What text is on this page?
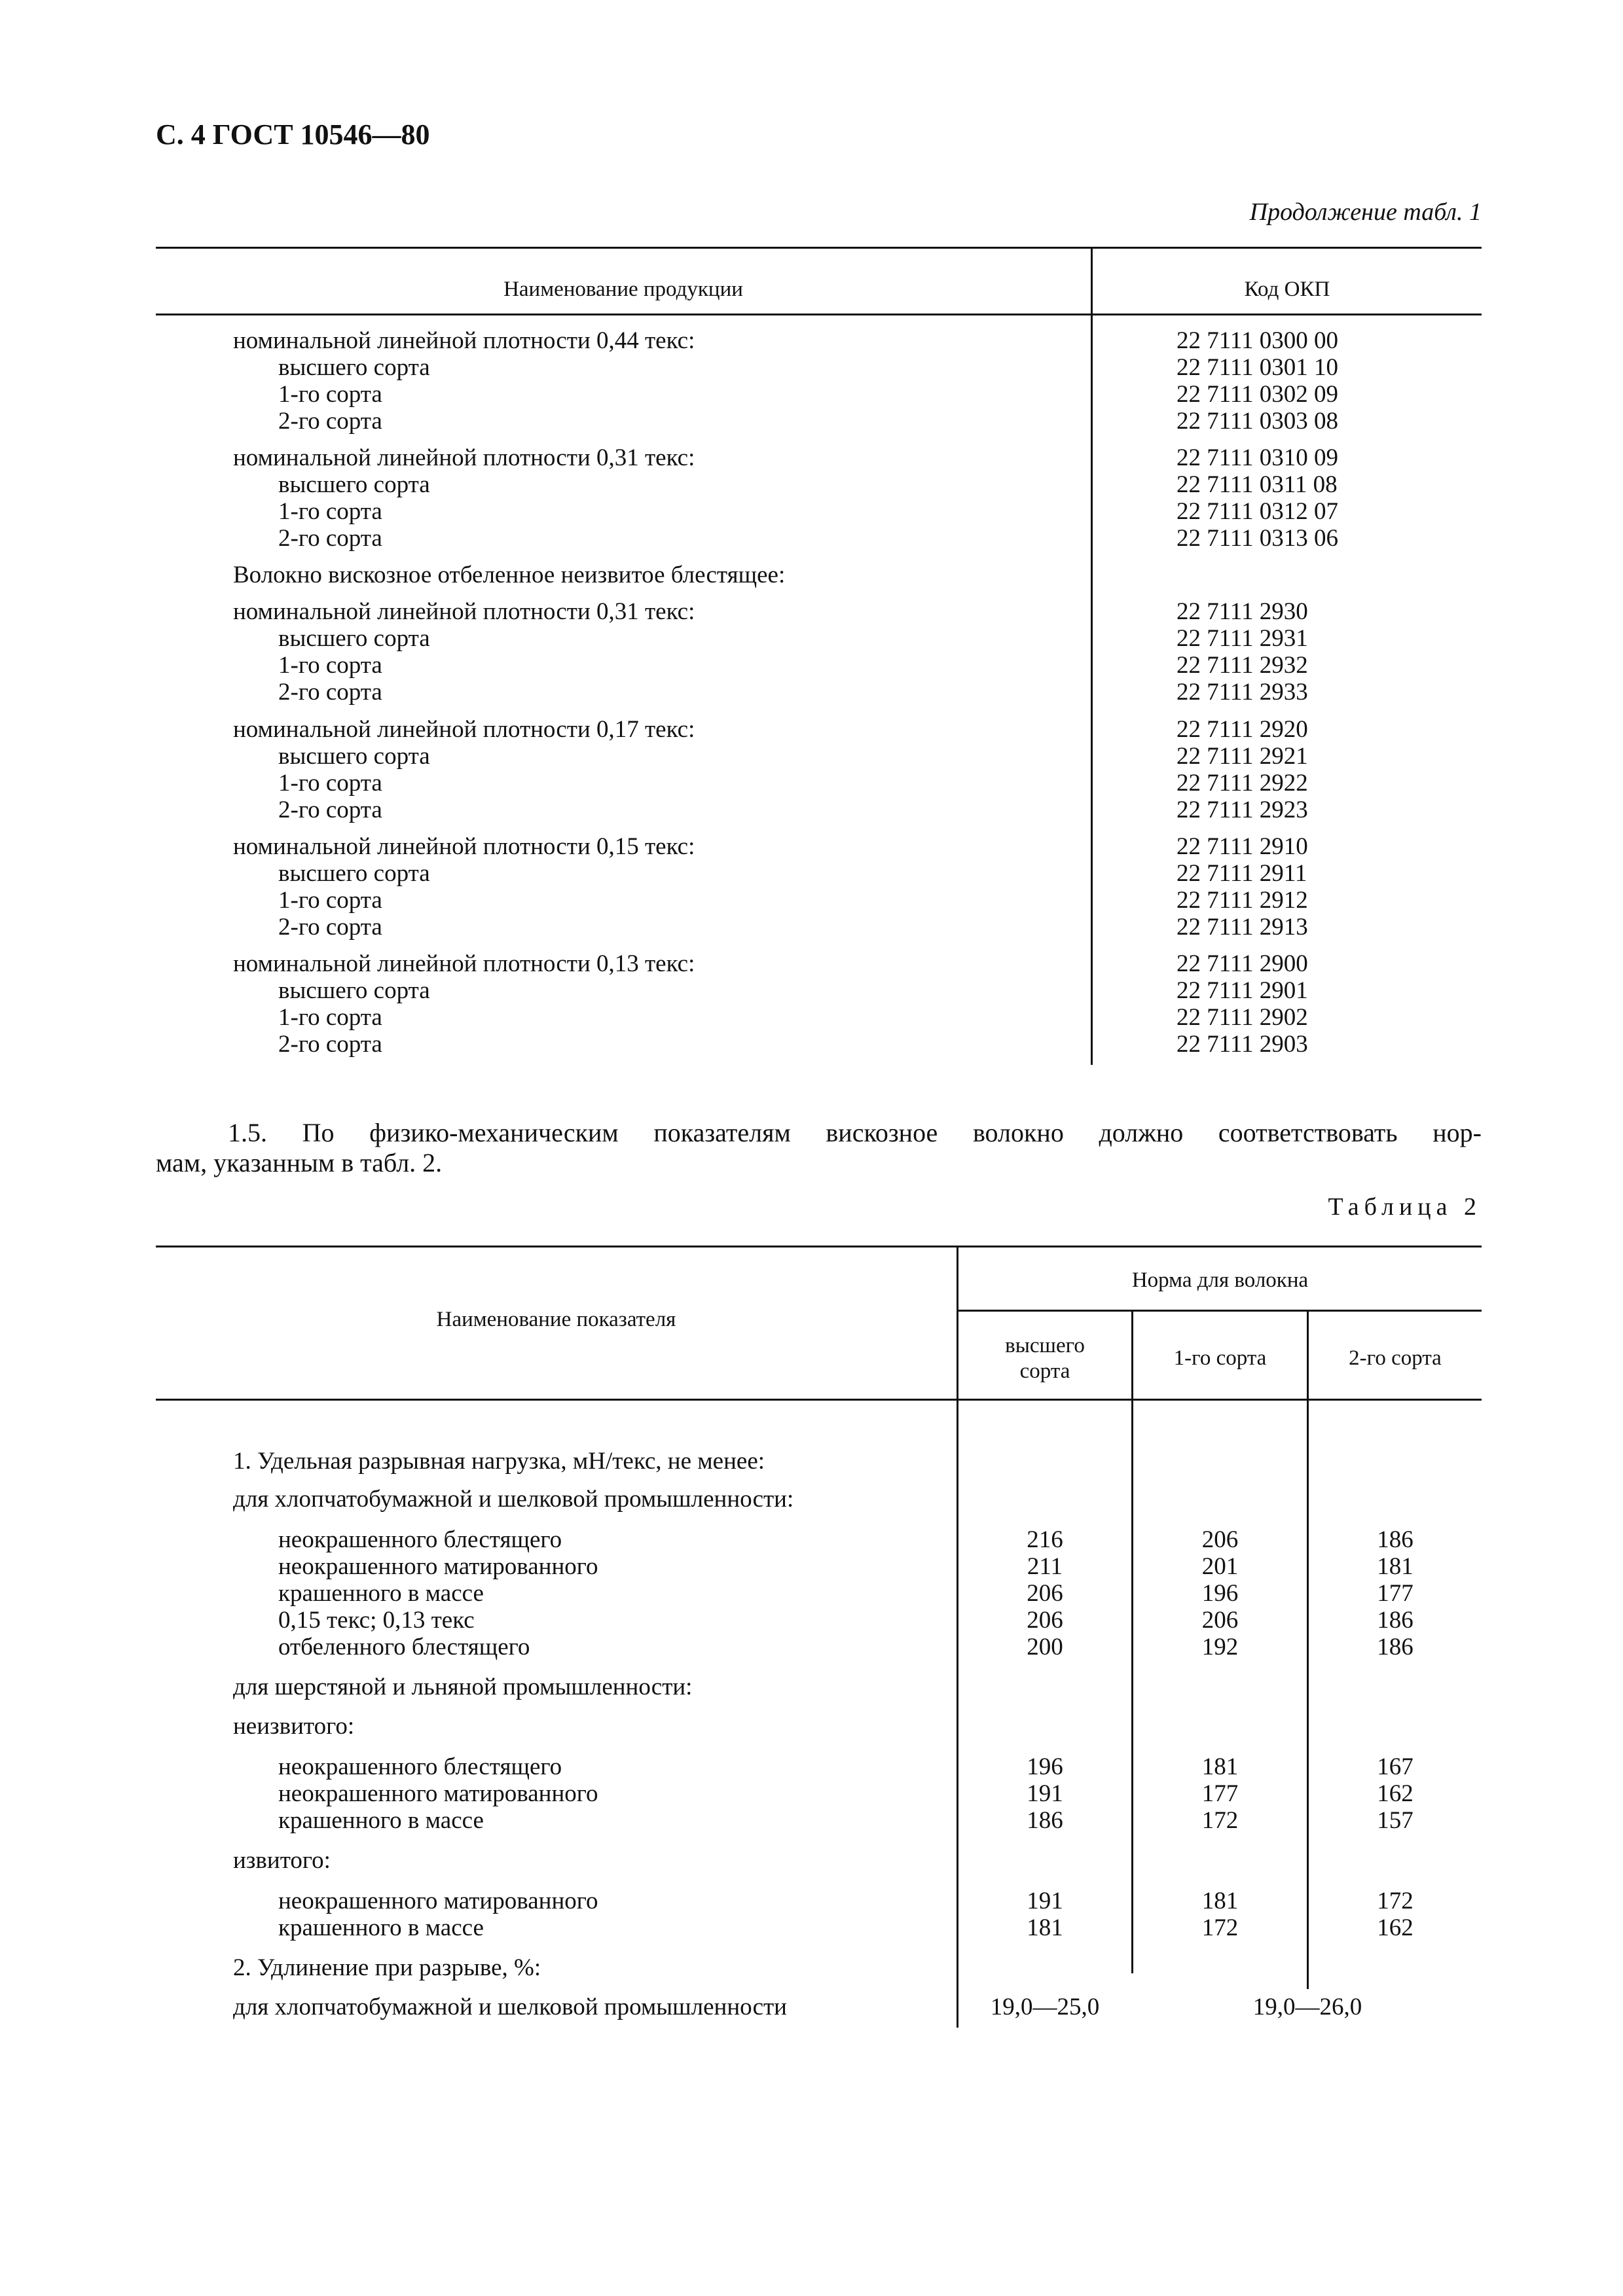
С. 4 ГОСТ 10546—80
Продолжение табл. 1
Наименование продукции	Код ОКП
номинальной линейной плотности 0,44 текс:	22 7111 0300 00
высшего сорта	22 7111 0301 10
1-го сорта	22 7111 0302 09
2-го сорта	22 7111 0303 08
номинальной линейной плотности 0,31 текс:	22 7111 0310 09
высшего сорта	22 7111 0311 08
1-го сорта	22 7111 0312 07
2-го сорта	22 7111 0313 06
Волокно вискозное отбеленное неизвитое блестящее:
номинальной линейной плотности 0,31 текс:	22 7111 2930
высшего сорта	22 7111 2931
1-го сорта	22 7111 2932
2-го сорта	22 7111 2933
номинальной линейной плотности 0,17 текс:	22 7111 2920
высшего сорта	22 7111 2921
1-го сорта	22 7111 2922
2-го сорта	22 7111 2923
номинальной линейной плотности 0,15 текс:	22 7111 2910
высшего сорта	22 7111 2911
1-го сорта	22 7111 2912
2-го сорта	22 7111 2913
номинальной линейной плотности 0,13 текс:	22 7111 2900
высшего сорта	22 7111 2901
1-го сорта	22 7111 2902
2-го сорта	22 7111 2903
1.5. По физико-механическим показателям вискозное волокно должно соответствовать нор-
мам, указанным в табл. 2.
Таблица 2
Наименование показателя
Норма для волокна
высшего
сорта
1-го сорта	2-го сорта
1. Удельная разрывная нагрузка, мН/текс, не менее:
для хлопчатобумажной и шелковой промышленности:
неокрашенного блестящего	216	206	186
неокрашенного матированного	211	201	181
крашенного в массе	206	196	177
0,15 текс; 0,13 текс	206	206	186
отбеленного блестящего	200	192	186
для шерстяной и льняной промышленности:
неизвитого:
неокрашенного блестящего	196	181	167
неокрашенного матированного	191	177	162
крашенного в массе	186	172	157
извитого:
неокрашенного матированного	191	181	172
крашенного в массе	181	172	162
2. Удлинение при разрыве, %:
для хлопчатобумажной и шелковой промышленности	19,0—25,0	19,0—26,0
